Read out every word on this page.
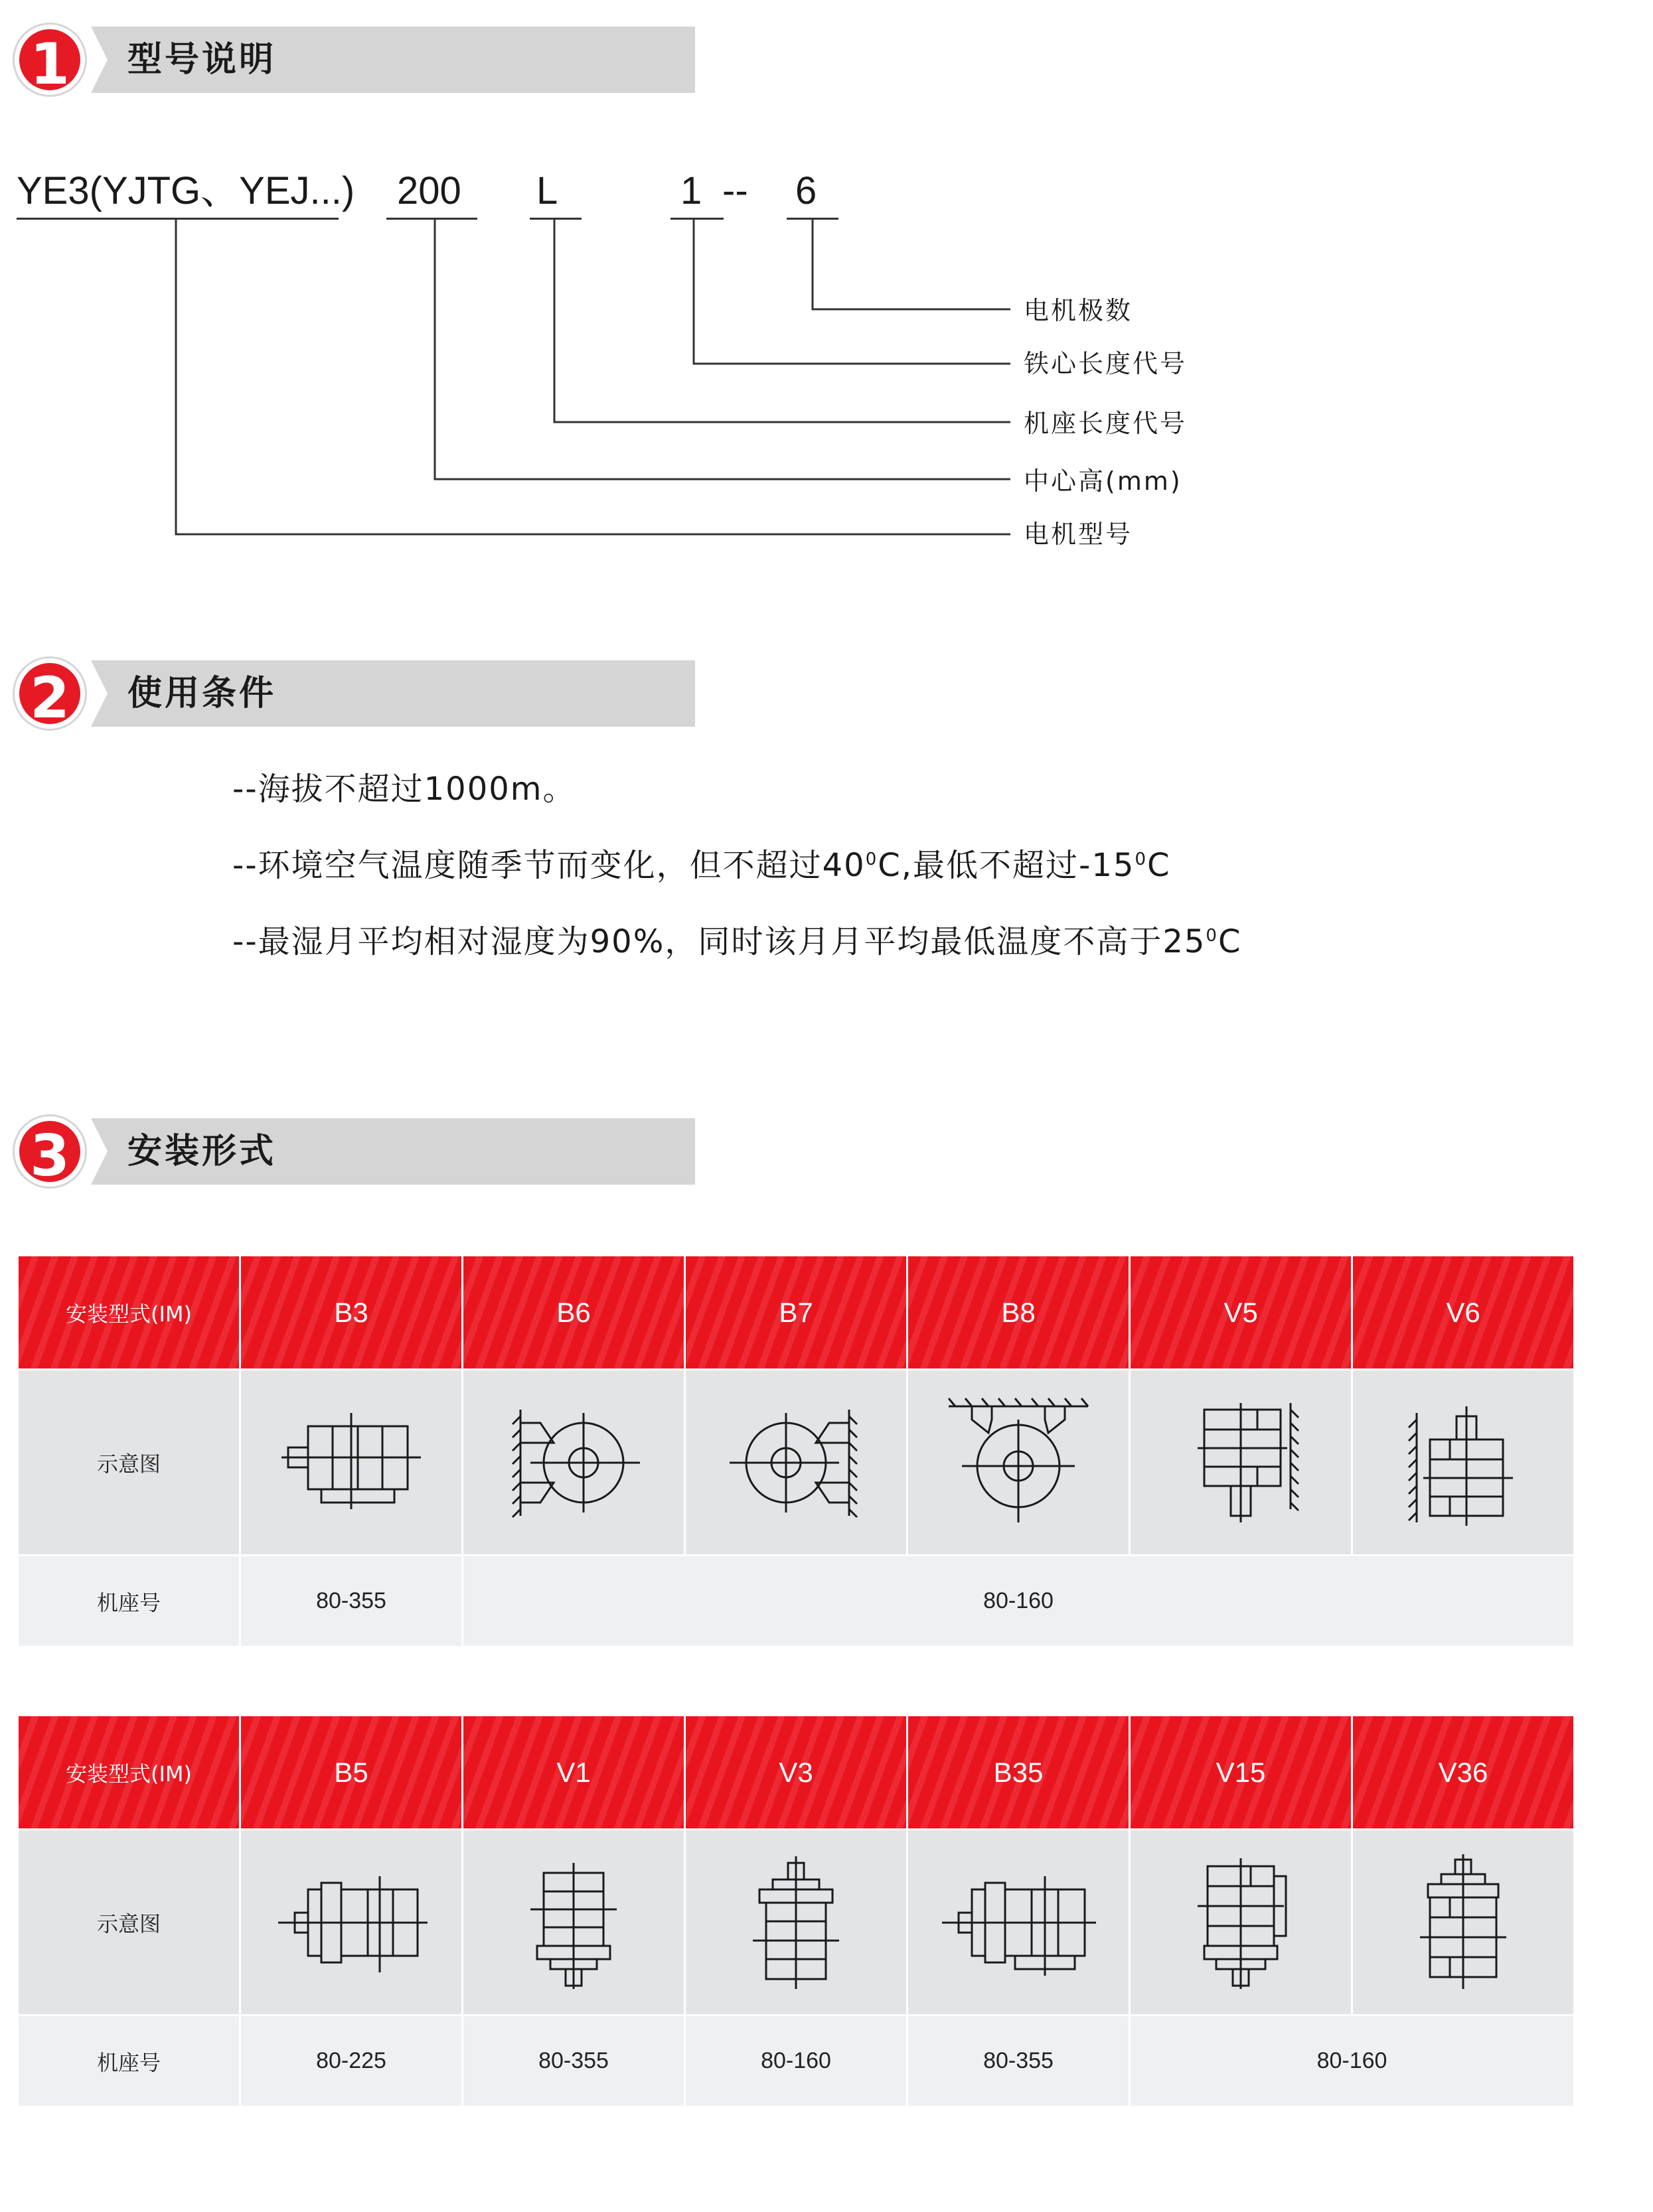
1	型号说明
YE3(YJTG、YEJ...) 200 L	1 -- 6
电机极数
铁心长度代号
机座长度代号
中心高(mm)
电机型号
2	使用条件
--海拔不超过1000m。
--环境空气温度随季节而变化，但不超过$40^0C$,最低不超过$-15^0C$
--最湿月平均相对湿度为90%，同时该月月平均最低温度不高于$25^0C$
3	安装形式
安装型式(IM)	B3	B6	B7	B8	V5	V6
示意图	

机座号	80-355	80-160				
安装型式(IM)	B5	V1	V3	B35	V15	V36
示意图	

机座号	80-225	80-355	80-160	80-355	80-160	
